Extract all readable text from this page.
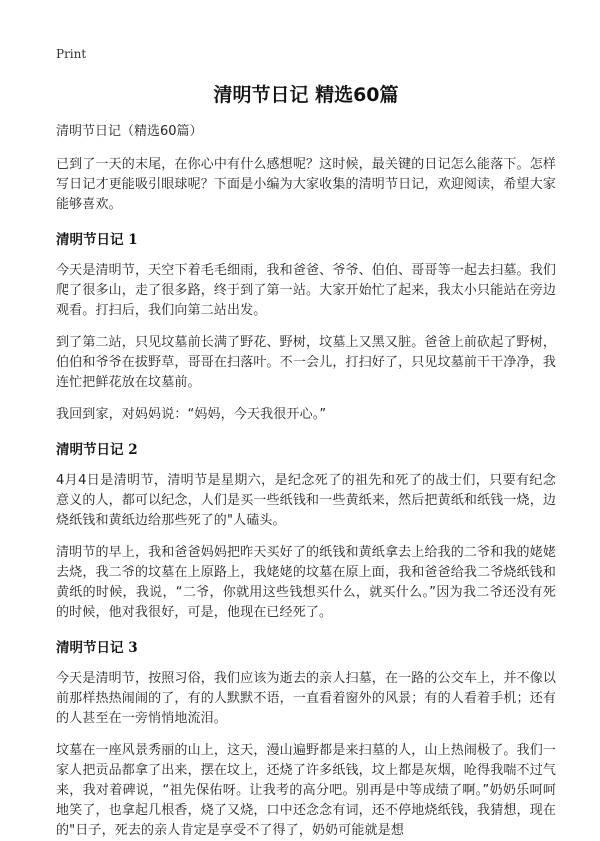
Print
清明节日记 精选60篇
清明节日记（精选60篇）

已到了一天的末尾，在你心中有什么感想呢？这时候，最关键的日记怎么能落下。怎样写日记才更能吸引眼球呢？下面是小编为大家收集的清明节日记，欢迎阅读，希望大家能够喜欢。

清明节日记 1

今天是清明节，天空下着毛毛细雨，我和爸爸、爷爷、伯伯、哥哥等一起去扫墓。我们爬了很多山，走了很多路，终于到了第一站。大家开始忙了起来，我太小只能站在旁边观看。打扫后，我们向第二站出发。

到了第二站，只见坟墓前长满了野花、野树，坟墓上又黑又脏。爸爸上前砍起了野树，伯伯和爷爷在拔野草，哥哥在扫落叶。不一会儿，打扫好了，只见坟墓前干干净净，我连忙把鲜花放在坟墓前。

我回到家，对妈妈说：“妈妈，今天我很开心。”

清明节日记 2

4月4日是清明节，清明节是星期六，是纪念死了的祖先和死了的战士们，只要有纪念意义的人，都可以纪念，人们是买一些纸钱和一些黄纸来，然后把黄纸和纸钱一烧，边烧纸钱和黄纸边给那些死了的"人磕头。

清明节的早上，我和爸爸妈妈把昨天买好了的纸钱和黄纸拿去上给我的二爷和我的姥姥去烧，我二爷的坟墓在上原路上，我姥姥的坟墓在原上面，我和爸爸给我二爷烧纸钱和黄纸的时候，我说，“二爷，你就用这些钱想买什么，就买什么。”因为我二爷还没有死的时候，他对我很好，可是，他现在已经死了。

清明节日记 3

今天是清明节，按照习俗，我们应该为逝去的亲人扫墓，在一路的公交车上，并不像以前那样热热闹闹的了，有的人默默不语，一直看着窗外的风景；有的人看着手机；还有的人甚至在一旁悄悄地流泪。

坟墓在一座风景秀丽的山上，这天，漫山遍野都是来扫墓的人，山上热闹极了。我们一家人把贡品都拿了出来，摆在坟上，还烧了许多纸钱，坟上都是灰烟，呛得我喘不过气来，我对着碑说，“祖先保佑呀。让我考的高分吧。别再是中等成绩了啊。”奶奶乐呵呵地笑了，也拿起几根香，烧了又烧，口中还念念有词，还不停地烧纸钱，我猜想，现在的"日子，死去的亲人肯定是享受不了得了，奶奶可能就是想
